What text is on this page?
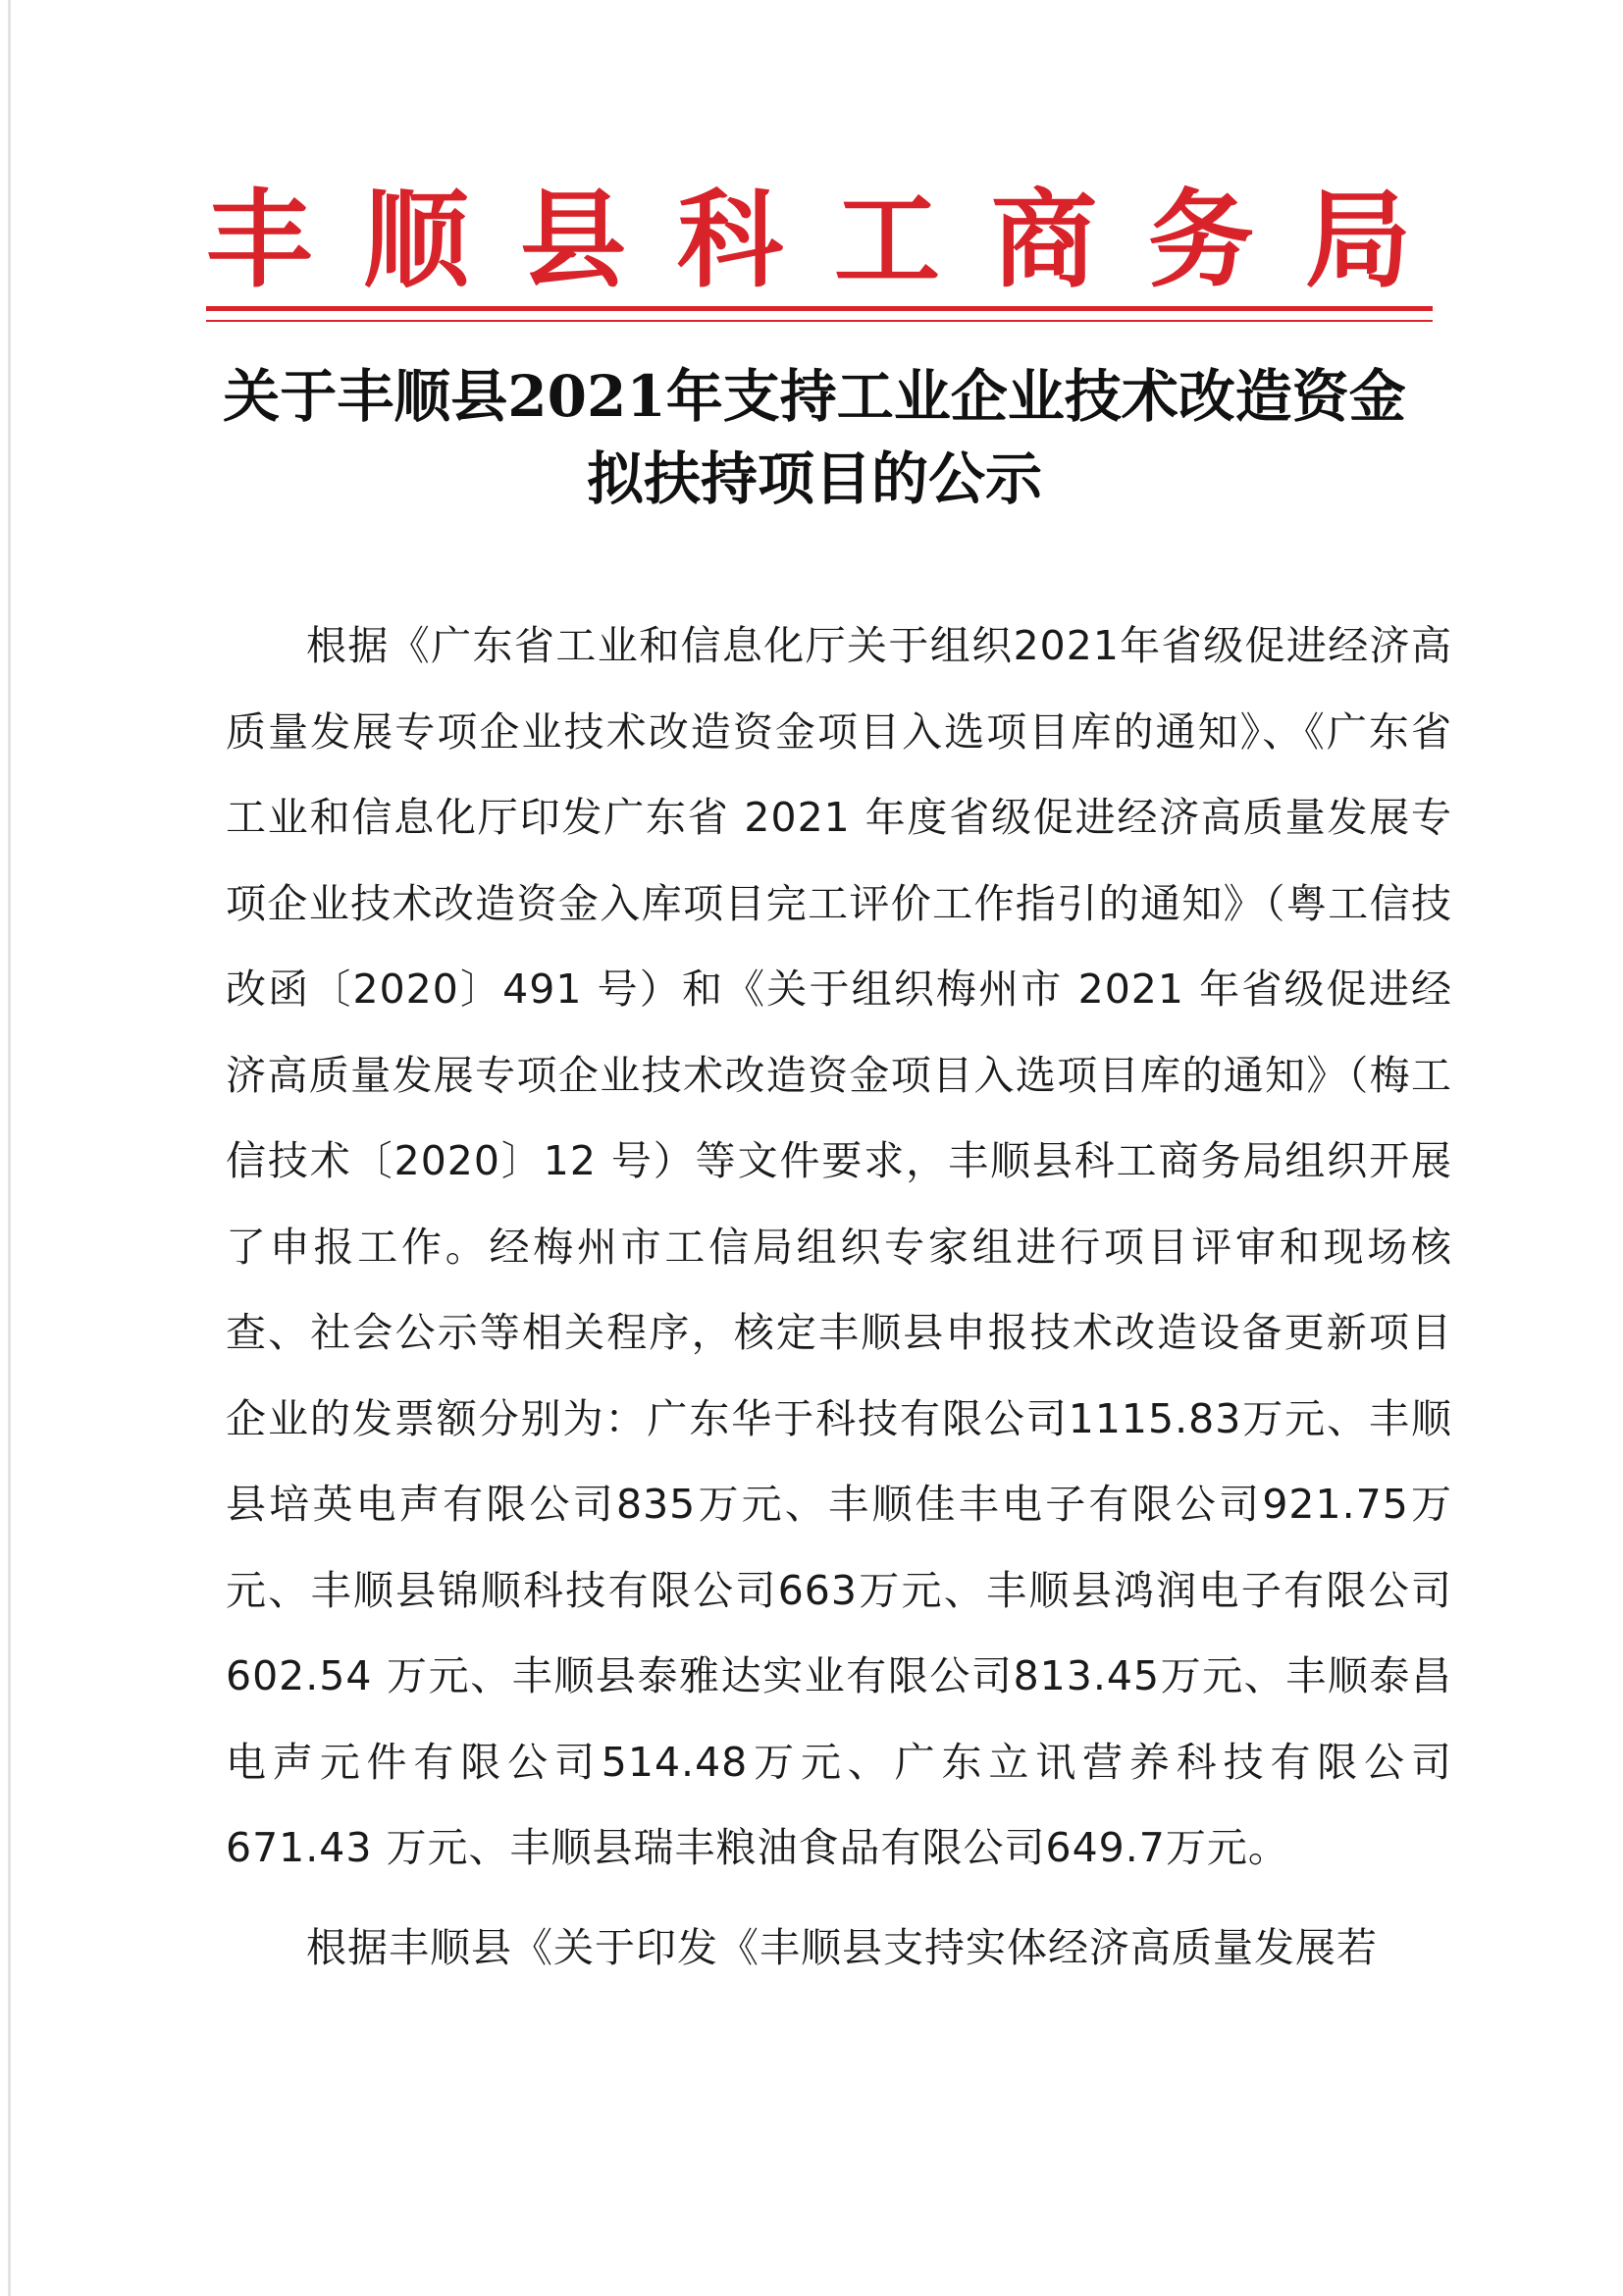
丰顺县科工商务局
关于丰顺县2021年支持工业企业技术改造资金
拟扶持项目的公示

根据《广东省工业和信息化厅关于组织2021年省级促进经济高质量发展专项企业技术改造资金项目入选项目库的通知》、《广东省工业和信息化厅印发广东省 2021 年度省级促进经济高质量发展专项企业技术改造资金入库项目完工评价工作指引的通知》（粤工信技改函〔2020〕491 号）和《关于组织梅州市 2021 年省级促进经济高质量发展专项企业技术改造资金项目入选项目库的通知》（梅工信技术〔2020〕12 号）等文件要求，丰顺县科工商务局组织开展了申报工作。经梅州市工信局组织专家组进行项目评审和现场核查、社会公示等相关程序，核定丰顺县申报技术改造设备更新项目企业的发票额分别为：广东华于科技有限公司1115.83万元、丰顺县培英电声有限公司835万元、丰顺佳丰电子有限公司921.75万元、丰顺县锦顺科技有限公司663万元、丰顺县鸿润电子有限公司 602.54 万元、丰顺县泰雅达实业有限公司813.45万元、丰顺泰昌电声元件有限公司514.48万元、广东立讯营养科技有限公司 671.43 万元、丰顺县瑞丰粮油食品有限公司649.7万元。

根据丰顺县《关于印发《丰顺县支持实体经济高质量发展若
